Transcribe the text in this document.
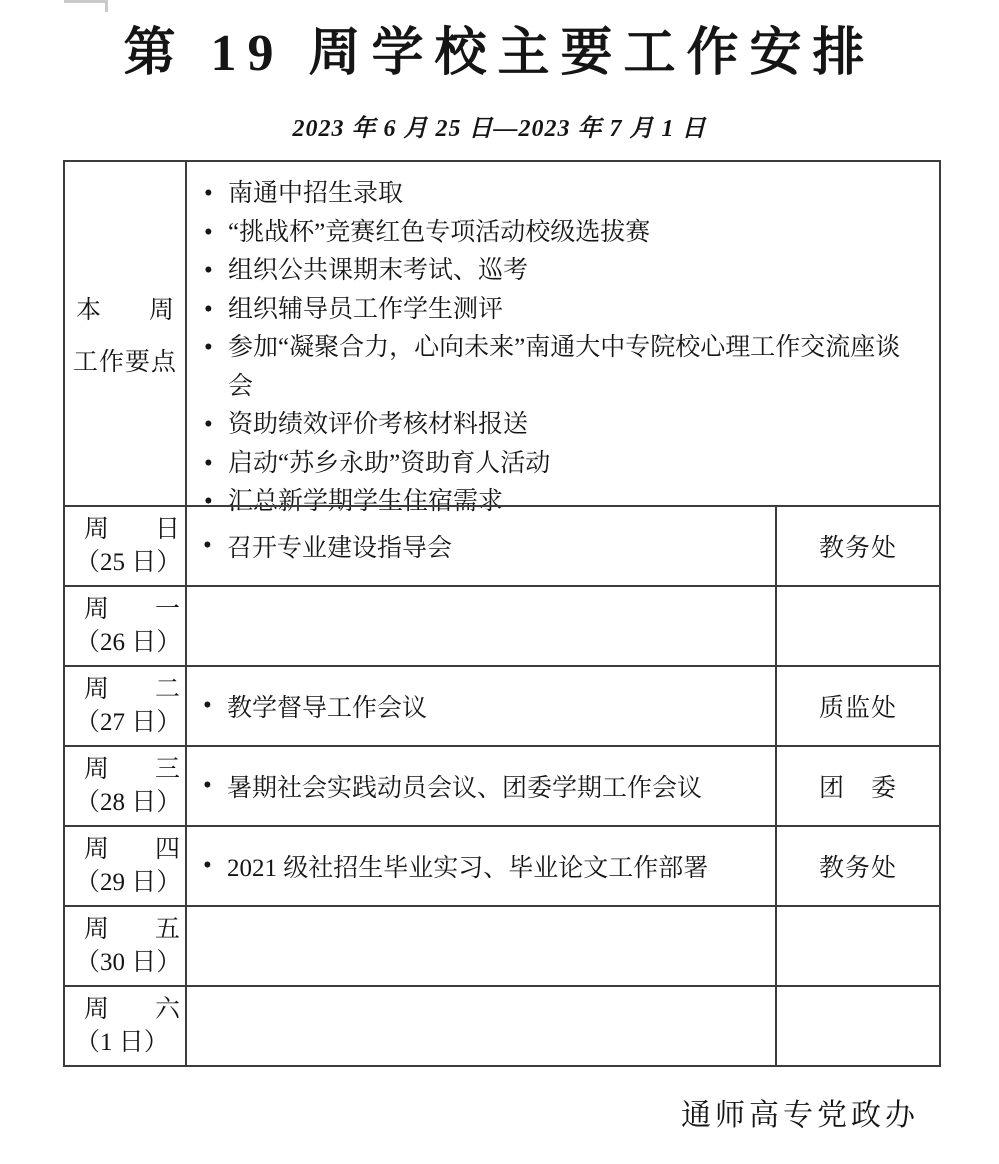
第 19 周学校主要工作安排
2023 年 6 月 25 日—2023 年 7 月 1 日
本 周
工作要点
• 南通中招生录取
• “挑战杯”竞赛红色专项活动校级选拔赛
• 组织公共课期末考试、巡考
• 组织辅导员工作学生测评
• 参加“凝聚合力，心向未来”南通大中专院校心理工作交流座谈会
• 资助绩效评价考核材料报送
• 启动“苏乡永助”资助育人活动
• 汇总新学期学生住宿需求
周 日
（25 日）
• 召开专业建设指导会	教务处
周 一
（26 日）
周 二
（27 日）
• 教学督导工作会议	质监处
周 三
（28 日）
• 暑期社会实践动员会议、团委学期工作会议	团　委
周 四
（29 日）
• 2021 级社招生毕业实习、毕业论文工作部署	教务处
周 五
（30 日）
周 六
（1 日）
通师高专党政办
